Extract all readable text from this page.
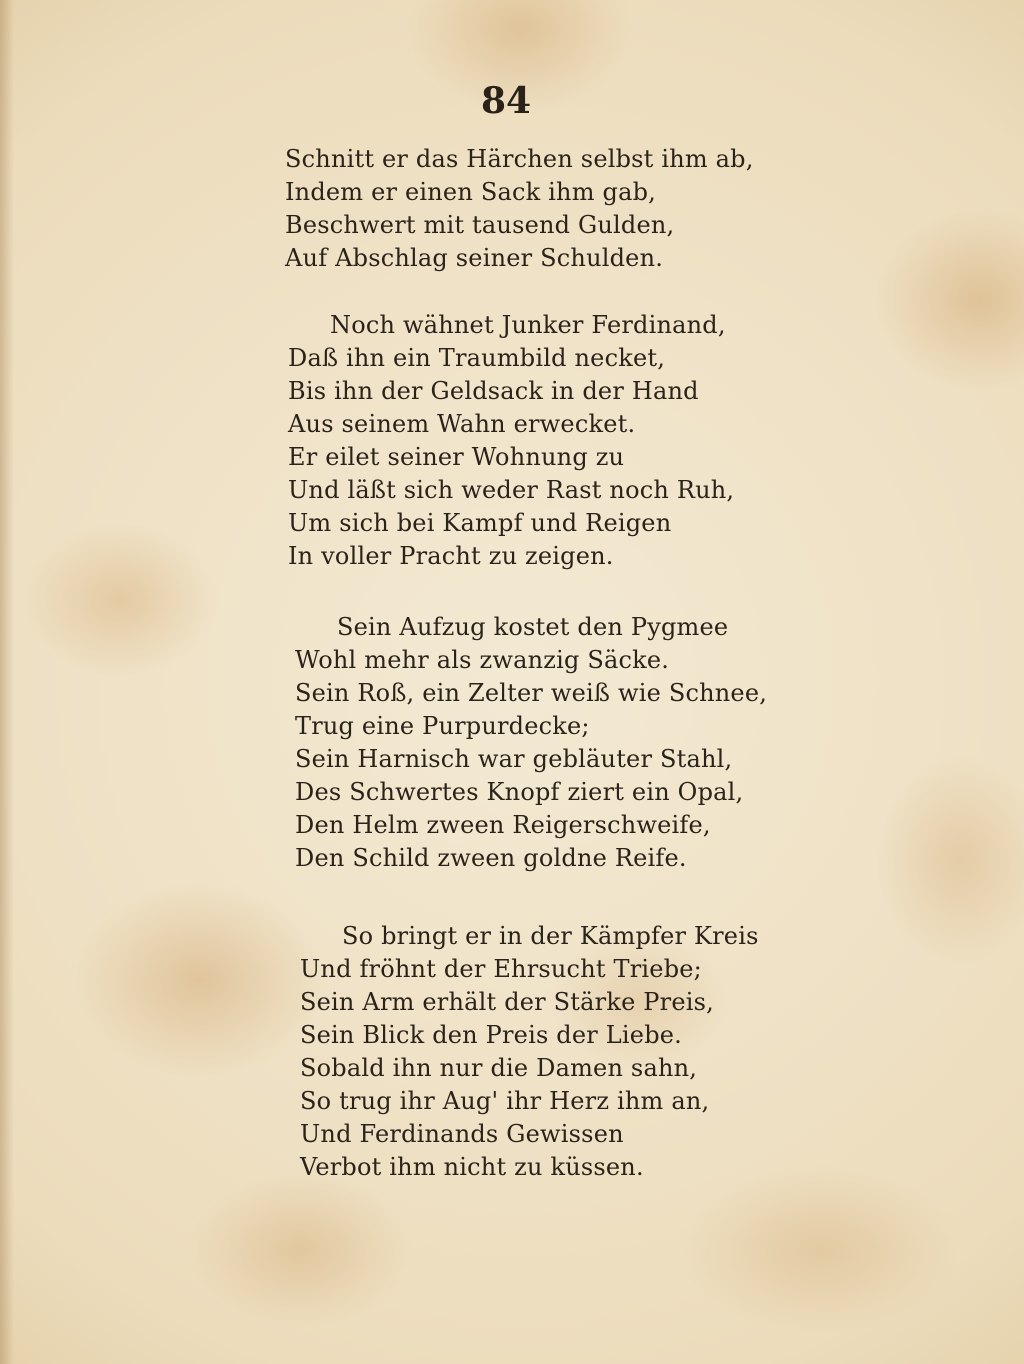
84
Schnitt er das Härchen selbst ihm ab,
Indem er einen Sack ihm gab,
Beschwert mit tausend Gulden,
Auf Abschlag seiner Schulden.
Noch wähnet Junker Ferdinand,
Daß ihn ein Traumbild necket,
Bis ihn der Geldsack in der Hand
Aus seinem Wahn erwecket.
Er eilet seiner Wohnung zu
Und läßt sich weder Rast noch Ruh,
Um sich bei Kampf und Reigen
In voller Pracht zu zeigen.
Sein Aufzug kostet den Pygmee
Wohl mehr als zwanzig Säcke.
Sein Roß, ein Zelter weiß wie Schnee,
Trug eine Purpurdecke;
Sein Harnisch war gebläuter Stahl,
Des Schwertes Knopf ziert ein Opal,
Den Helm zween Reigerschweife,
Den Schild zween goldne Reife.
So bringt er in der Kämpfer Kreis
Und fröhnt der Ehrsucht Triebe;
Sein Arm erhält der Stärke Preis,
Sein Blick den Preis der Liebe.
Sobald ihn nur die Damen sahn,
So trug ihr Aug' ihr Herz ihm an,
Und Ferdinands Gewissen
Verbot ihm nicht zu küssen.
